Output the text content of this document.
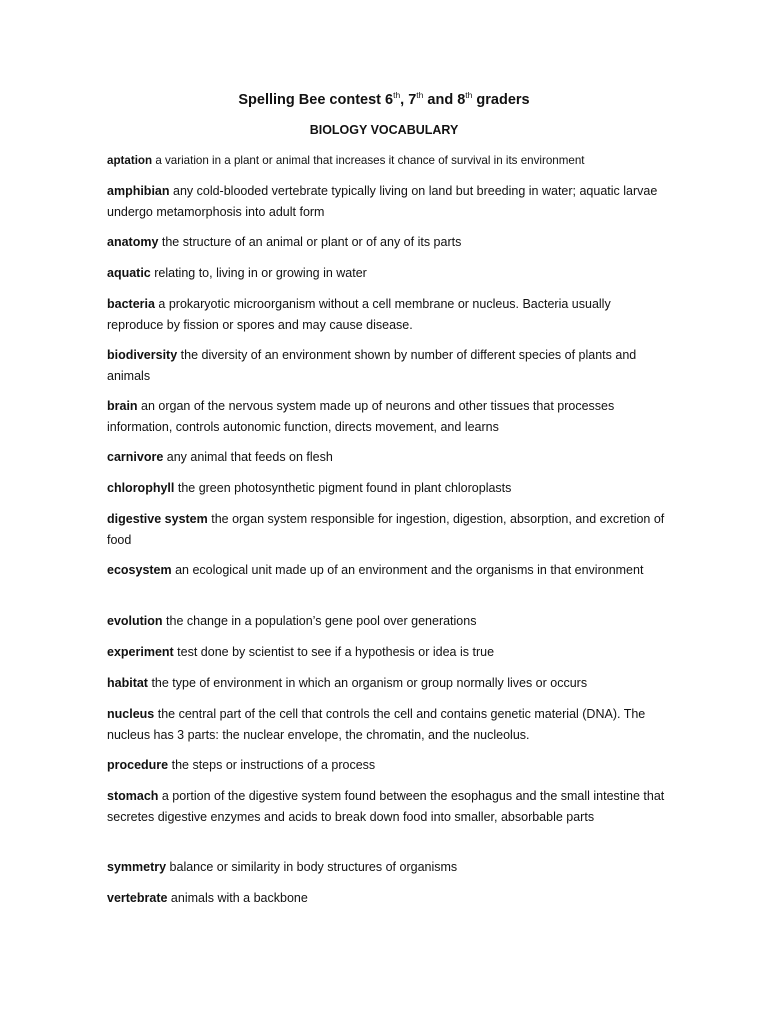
Spelling Bee contest 6th, 7th and 8th graders
BIOLOGY VOCABULARY

aptation a variation in a plant or animal that increases it chance of survival in its environment

amphibian any cold-blooded vertebrate typically living on land but breeding in water; aquatic larvae undergo metamorphosis into adult form

anatomy the structure of an animal or plant or of any of its parts

aquatic relating to, living in or growing in water

bacteria a prokaryotic microorganism without a cell membrane or nucleus. Bacteria usually reproduce by fission or spores and may cause disease.

biodiversity the diversity of an environment shown by number of different species of plants and animals

brain an organ of the nervous system made up of neurons and other tissues that processes information, controls autonomic function, directs movement, and learns

carnivore any animal that feeds on flesh

chlorophyll the green photosynthetic pigment found in plant chloroplasts

digestive system the organ system responsible for ingestion, digestion, absorption, and excretion of food

ecosystem an ecological unit made up of an environment and the organisms in that environment

evolution the change in a population’s gene pool over generations

experiment test done by scientist to see if a hypothesis or idea is true

habitat the type of environment in which an organism or group normally lives or occurs

nucleus the central part of the cell that controls the cell and contains genetic material (DNA). The nucleus has 3 parts: the nuclear envelope, the chromatin, and the nucleolus.

procedure the steps or instructions of a process

stomach a portion of the digestive system found between the esophagus and the small intestine that secretes digestive enzymes and acids to break down food into smaller, absorbable parts

symmetry balance or similarity in body structures of organisms

vertebrate animals with a backbone
